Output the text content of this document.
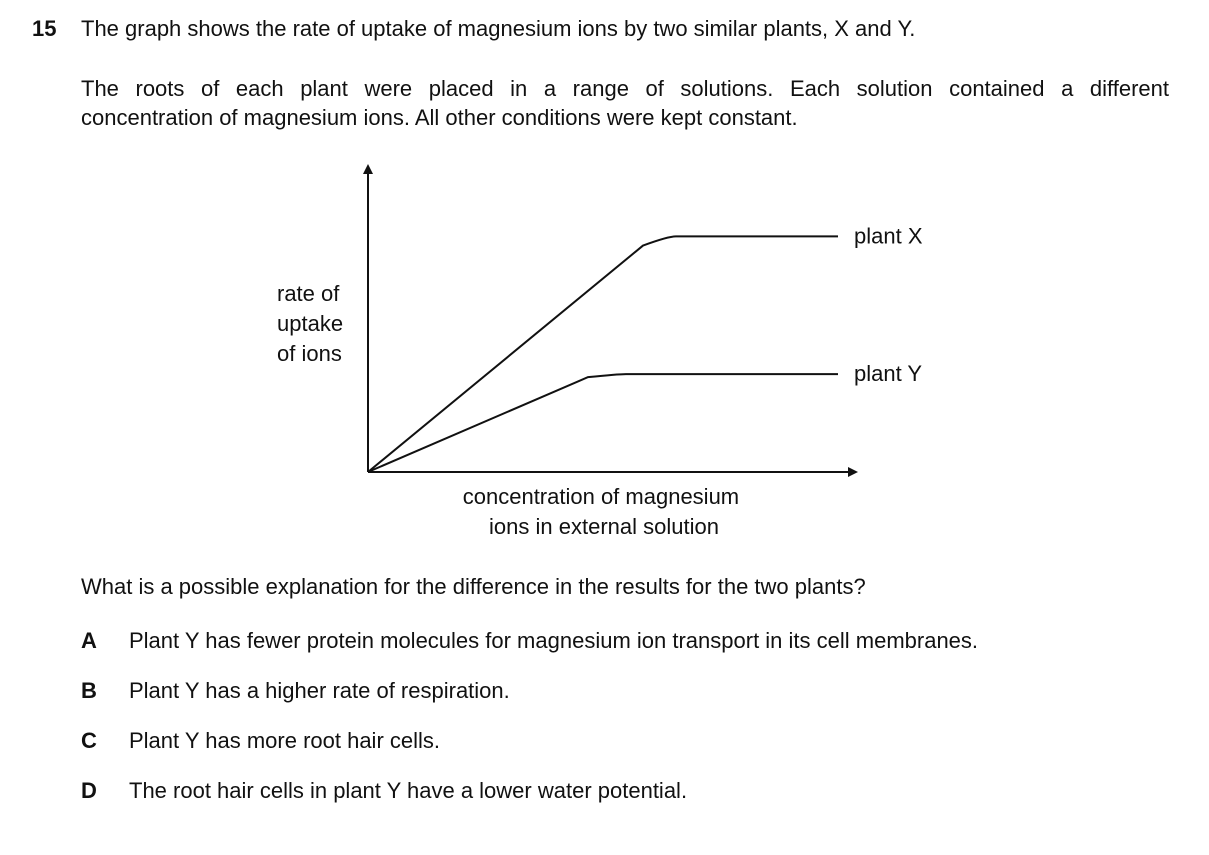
15 The graph shows the rate of uptake of magnesium ions by two similar plants, X and Y.
The roots of each plant were placed in a range of solutions. Each solution contained a different
concentration of magnesium ions. All other conditions were kept constant.
plant X
plant Y
rate of uptake of ions
concentration of magnesium ions in external solution
What is a possible explanation for the difference in the results for the two plants?
A Plant Y has fewer protein molecules for magnesium ion transport in its cell membranes.
B Plant Y has a higher rate of respiration.
C Plant Y has more root hair cells.
D The root hair cells in plant Y have a lower water potential.
